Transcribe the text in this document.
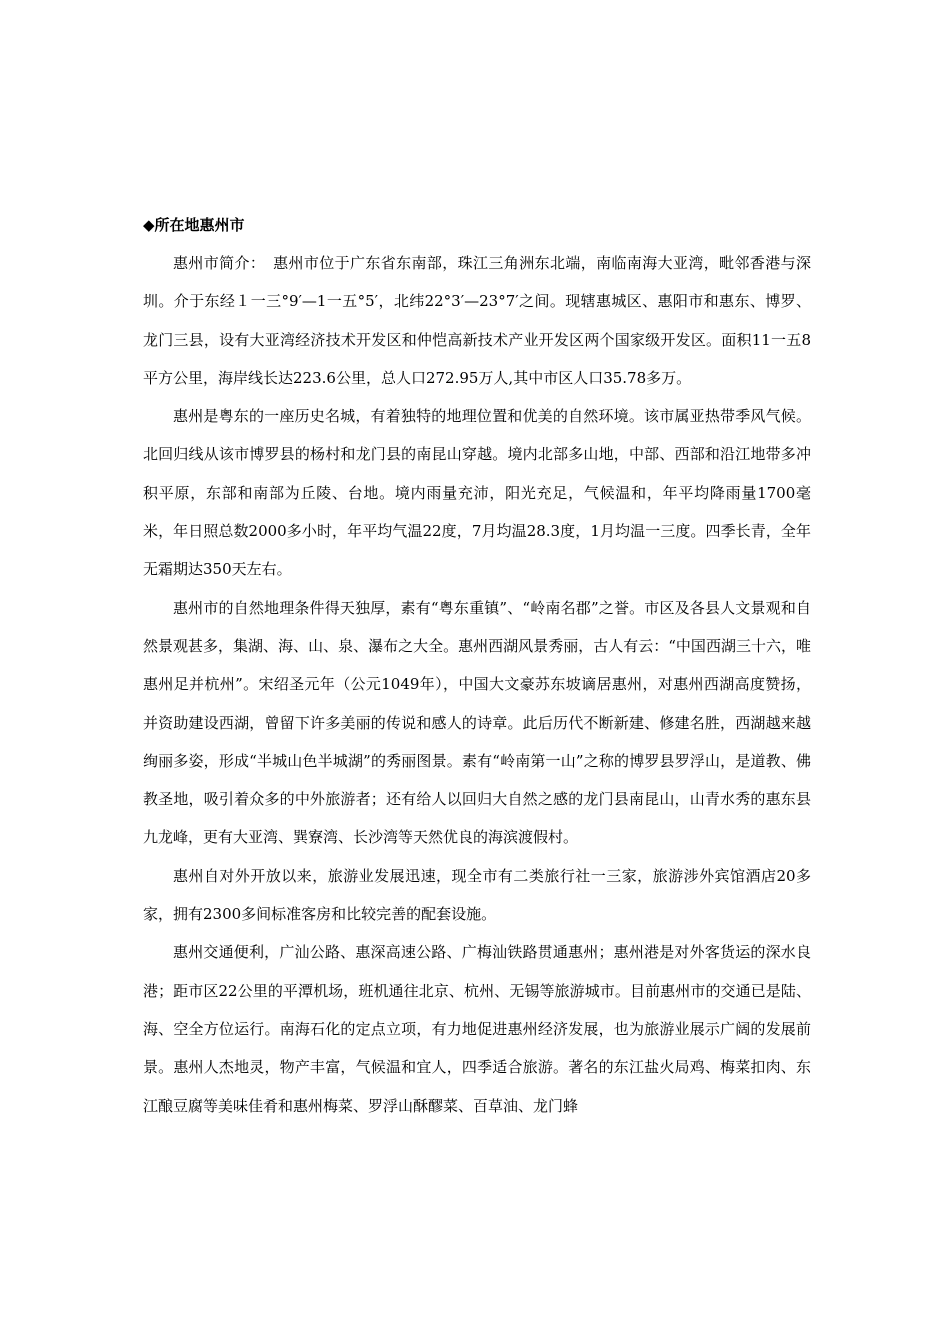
◆所在地惠州市

惠州市简介：　惠州市位于广东省东南部，珠江三角洲东北端，南临南海大亚湾，毗邻香港与深圳。介于东经１一三°9′—1一五°5′，北纬22°3′—23°7′之间。现辖惠城区、惠阳市和惠东、博罗、龙门三县，设有大亚湾经济技术开发区和仲恺高新技术产业开发区两个国家级开发区。面积11一五8平方公里，海岸线长达223.6公里，总人口272.95万人,其中市区人口35.78多万。

惠州是粤东的一座历史名城，有着独特的地理位置和优美的自然环境。该市属亚热带季风气候。北回归线从该市博罗县的杨村和龙门县的南昆山穿越。境内北部多山地，中部、西部和沿江地带多冲积平原，东部和南部为丘陵、台地。境内雨量充沛，阳光充足，气候温和，年平均降雨量1700毫米，年日照总数2000多小时，年平均气温22度，7月均温28.3度，1月均温一三度。四季长青，全年无霜期达350天左右。

惠州市的自然地理条件得天独厚，素有“粤东重镇”、“岭南名郡”之誉。市区及各县人文景观和自然景观甚多，集湖、海、山、泉、瀑布之大全。惠州西湖风景秀丽，古人有云：“中国西湖三十六，唯惠州足并杭州”。宋绍圣元年（公元1049年），中国大文豪苏东坡谪居惠州，对惠州西湖高度赞扬，并资助建设西湖，曾留下许多美丽的传说和感人的诗章。此后历代不断新建、修建名胜，西湖越来越绚丽多姿，形成“半城山色半城湖”的秀丽图景。素有“岭南第一山”之称的博罗县罗浮山，是道教、佛教圣地，吸引着众多的中外旅游者；还有给人以回归大自然之感的龙门县南昆山，山青水秀的惠东县九龙峰，更有大亚湾、巽寮湾、长沙湾等天然优良的海滨渡假村。

惠州自对外开放以来，旅游业发展迅速，现全市有二类旅行社一三家，旅游涉外宾馆酒店20多家，拥有2300多间标准客房和比较完善的配套设施。

惠州交通便利，广汕公路、惠深高速公路、广梅汕铁路贯通惠州；惠州港是对外客货运的深水良港；距市区22公里的平潭机场，班机通往北京、杭州、无锡等旅游城市。目前惠州市的交通已是陆、海、空全方位运行。南海石化的定点立项，有力地促进惠州经济发展，也为旅游业展示广阔的发展前景。惠州人杰地灵，物产丰富，气候温和宜人，四季适合旅游。著名的东江盐火局鸡、梅菜扣肉、东江酿豆腐等美味佳肴和惠州梅菜、罗浮山酥醪菜、百草油、龙门蜂
